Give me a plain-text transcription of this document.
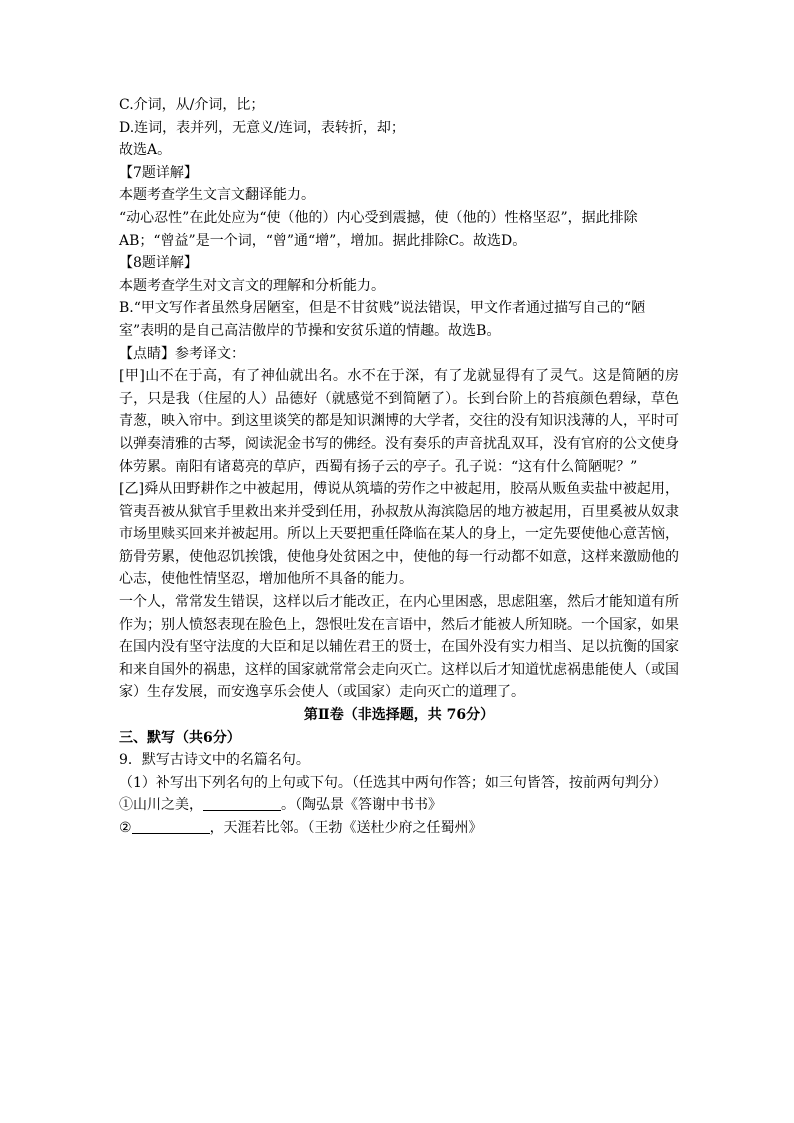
C.介词，从/介词，比；
D.连词，表并列，无意义/连词，表转折，却；
故选A。
【7题详解】
本题考查学生文言文翻译能力。
“动心忍性”在此处应为“使（他的）内心受到震撼，使（他的）性格坚忍”，据此排除
AB；“曾益”是一个词，“曾”通“增”，增加。据此排除C。故选D。
【8题详解】
本题考查学生对文言文的理解和分析能力。
B.“甲文写作者虽然身居陋室，但是不甘贫贱”说法错误，甲文作者通过描写自己的“陋
室”表明的是自己高洁傲岸的节操和安贫乐道的情趣。故选B。
【点睛】参考译文：

[甲]山不在于高，有了神仙就出名。水不在于深，有了龙就显得有了灵气。这是简陋的房子，只是我（住屋的人）品德好（就感觉不到简陋了）。长到台阶上的苔痕颜色碧绿，草色青葱，映入帘中。到这里谈笑的都是知识渊博的大学者，交往的没有知识浅薄的人，平时可以弹奏清雅的古琴，阅读泥金书写的佛经。没有奏乐的声音扰乱双耳，没有官府的公文使身体劳累。南阳有诸葛亮的草庐，西蜀有扬子云的亭子。孔子说：“这有什么简陋呢？”

[乙]舜从田野耕作之中被起用，傅说从筑墙的劳作之中被起用，胶鬲从贩鱼卖盐中被起用，管夷吾被从狱官手里救出来并受到任用，孙叔敖从海滨隐居的地方被起用，百里奚被从奴隶市场里赎买回来并被起用。所以上天要把重任降临在某人的身上，一定先要使他心意苦恼，筋骨劳累，使他忍饥挨饿，使他身处贫困之中，使他的每一行动都不如意，这样来激励他的心志，使他性情坚忍，增加他所不具备的能力。

一个人，常常发生错误，这样以后才能改正，在内心里困惑，思虑阻塞，然后才能知道有所作为；别人愤怒表现在脸色上，怨恨吐发在言语中，然后才能被人所知晓。一个国家，如果在国内没有坚守法度的大臣和足以辅佐君王的贤士，在国外没有实力相当、足以抗衡的国家和来自国外的祸患，这样的国家就常常会走向灭亡。这样以后才知道忧虑祸患能使人（或国家）生存发展，而安逸享乐会使人（或国家）走向灭亡的道理了。

第Ⅱ卷（非选择题，共 76分）
三、默写（共6分）
9．默写古诗文中的名篇名句。
（1）补写出下列名句的上句或下句。（任选其中两句作答；如三句皆答，按前两句判分）
①山川之美，	。（陶弘景《答谢中书书》
②	，天涯若比邻。（王勃《送杜少府之任蜀州》
